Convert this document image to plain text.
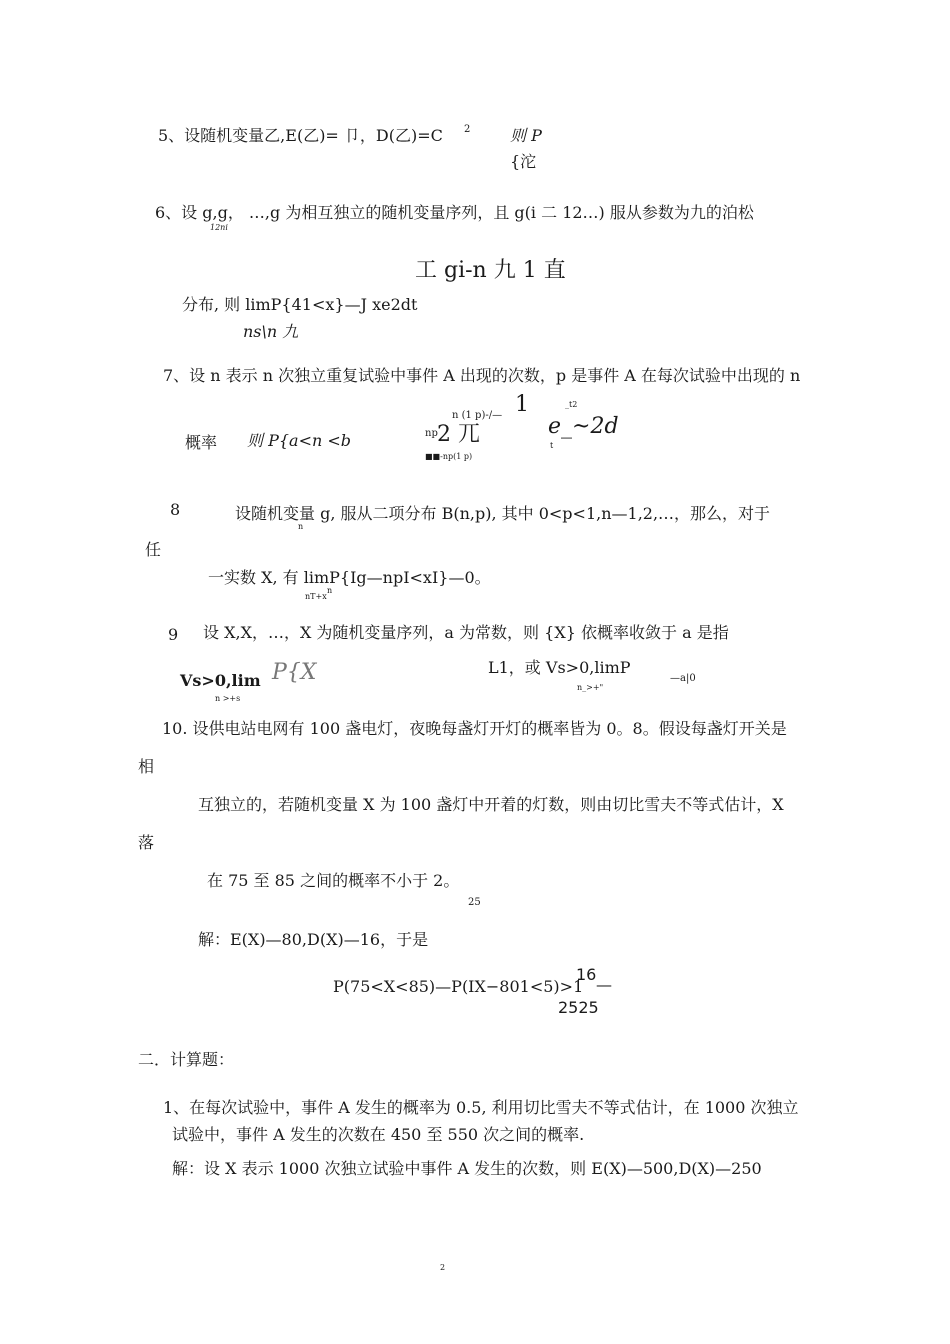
5、设随机变量乙,E(乙)= 卩，D(乙)=C 2 则 P
{沱
6、设 g,g， …,g 为相互独立的随机变量序列，且 g(i 二 12…) 服从参数为九的泊松
12ni
工 gi-n 九 1 直
分布, 则 limP{41<x}—J xe2dt
ns\n 九
7、设 n 表示 n 次独立重复试验中事件 A 出现的次数，p 是事件 A 在每次试验中出现的 n
概率 则 P{a<n <b
n (1 p)-/— 1	_t2
np 2 兀
■■-np(1 p)
e_~2d
t
8	设随机变量 g, 服从二项分布 B(n,p), 其中 0<p<1,n—1,2,…，那么，对于
n
任
一实数 X, 有 limP{Ig—npI<xI}—0。
nT+x
n
9 设 X,X，…，X 为随机变量序列，a 为常数，则 {X} 依概率收敛于 a 是指
Vs>0,lim P{X
n >+s
L1，或 Vs>0,limP
n_>+"
—a|0
10. 设供电站电网有 100 盏电灯，夜晚每盏灯开灯的概率皆为 0。8。假设每盏灯开关是
相
互独立的，若随机变量 X 为 100 盏灯中开着的灯数，则由切比雪夫不等式估计，X
落
在 75 至 85 之间的概率不小于 2。
25
解：E(X)—80,D(X)—16，于是
P(75<X<85)—P(IX−801<5)>1
16
—
2525
二．计算题：
1、在每次试验中，事件 A 发生的概率为 0.5, 利用切比雪夫不等式估计，在 1000 次独立
试验中，事件 A 发生的次数在 450 至 550 次之间的概率.
解：设 X 表示 1000 次独立试验中事件 A 发生的次数，则 E(X)—500,D(X)—250
2
